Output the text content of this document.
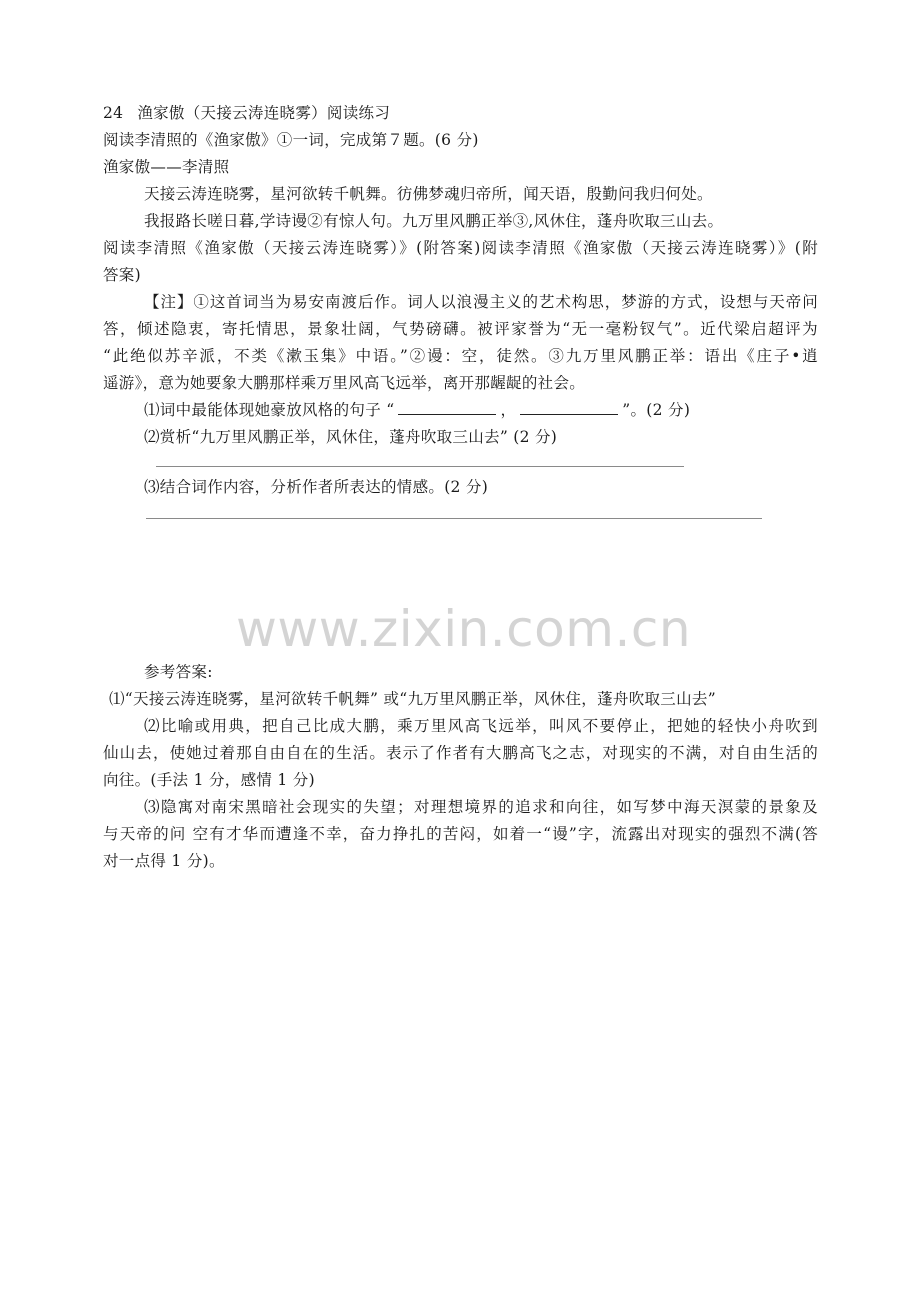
24 渔家傲（天接云涛连晓雾）阅读练习
阅读李清照的《渔家傲》①一词，完成第７题。(6 分)
渔家傲——李清照
天接云涛连晓雾，星河欲转千帆舞。彷佛梦魂归帝所，闻天语，殷勤问我归何处。
我报路长嗟日暮,学诗谩②有惊人句。九万里风鹏正举③,风休住，蓬舟吹取三山去。
阅读李清照《渔家傲（天接云涛连晓雾）》(附答案)阅读李清照《渔家傲（天接云涛连晓雾）》(附
答案)
【注】①这首词当为易安南渡后作。词人以浪漫主义的艺术构思，梦游的方式，设想与天帝问
答，倾述隐衷，寄托情思，景象壮阔，气势磅礴。被评家誉为“无一毫粉钗气”。近代梁启超评为
“此绝似苏辛派，不类《漱玉集》中语。”②谩：空，徒然。③九万里风鹏正举：语出《庄子•逍
遥游》，意为她要象大鹏那样乘万里风高飞远举，离开那龌龊的社会。
⑴词中最能体现她豪放风格的句子 “	，	”。(2 分)
⑵赏析“九万里风鹏正举，风休住，蓬舟吹取三山去” (2 分)
⑶结合词作内容，分析作者所表达的情感。(2 分)
www.zixin.com.cn
参考答案:
⑴“天接云涛连晓雾，星河欲转千帆舞” 或“九万里风鹏正举，风休住，蓬舟吹取三山去”
⑵比喻或用典，把自己比成大鹏，乘万里风高飞远举，叫风不要停止，把她的轻快小舟吹到
仙山去，使她过着那自由自在的生活。表示了作者有大鹏高飞之志，对现实的不满，对自由生活的
向往。(手法 1 分，感情 1 分)
⑶隐寓对南宋黑暗社会现实的失望；对理想境界的追求和向往，如写梦中海天溟蒙的景象及
与天帝的问 空有才华而遭逢不幸，奋力挣扎的苦闷，如着一“谩”字，流露出对现实的强烈不满(答
对一点得 1 分)。
